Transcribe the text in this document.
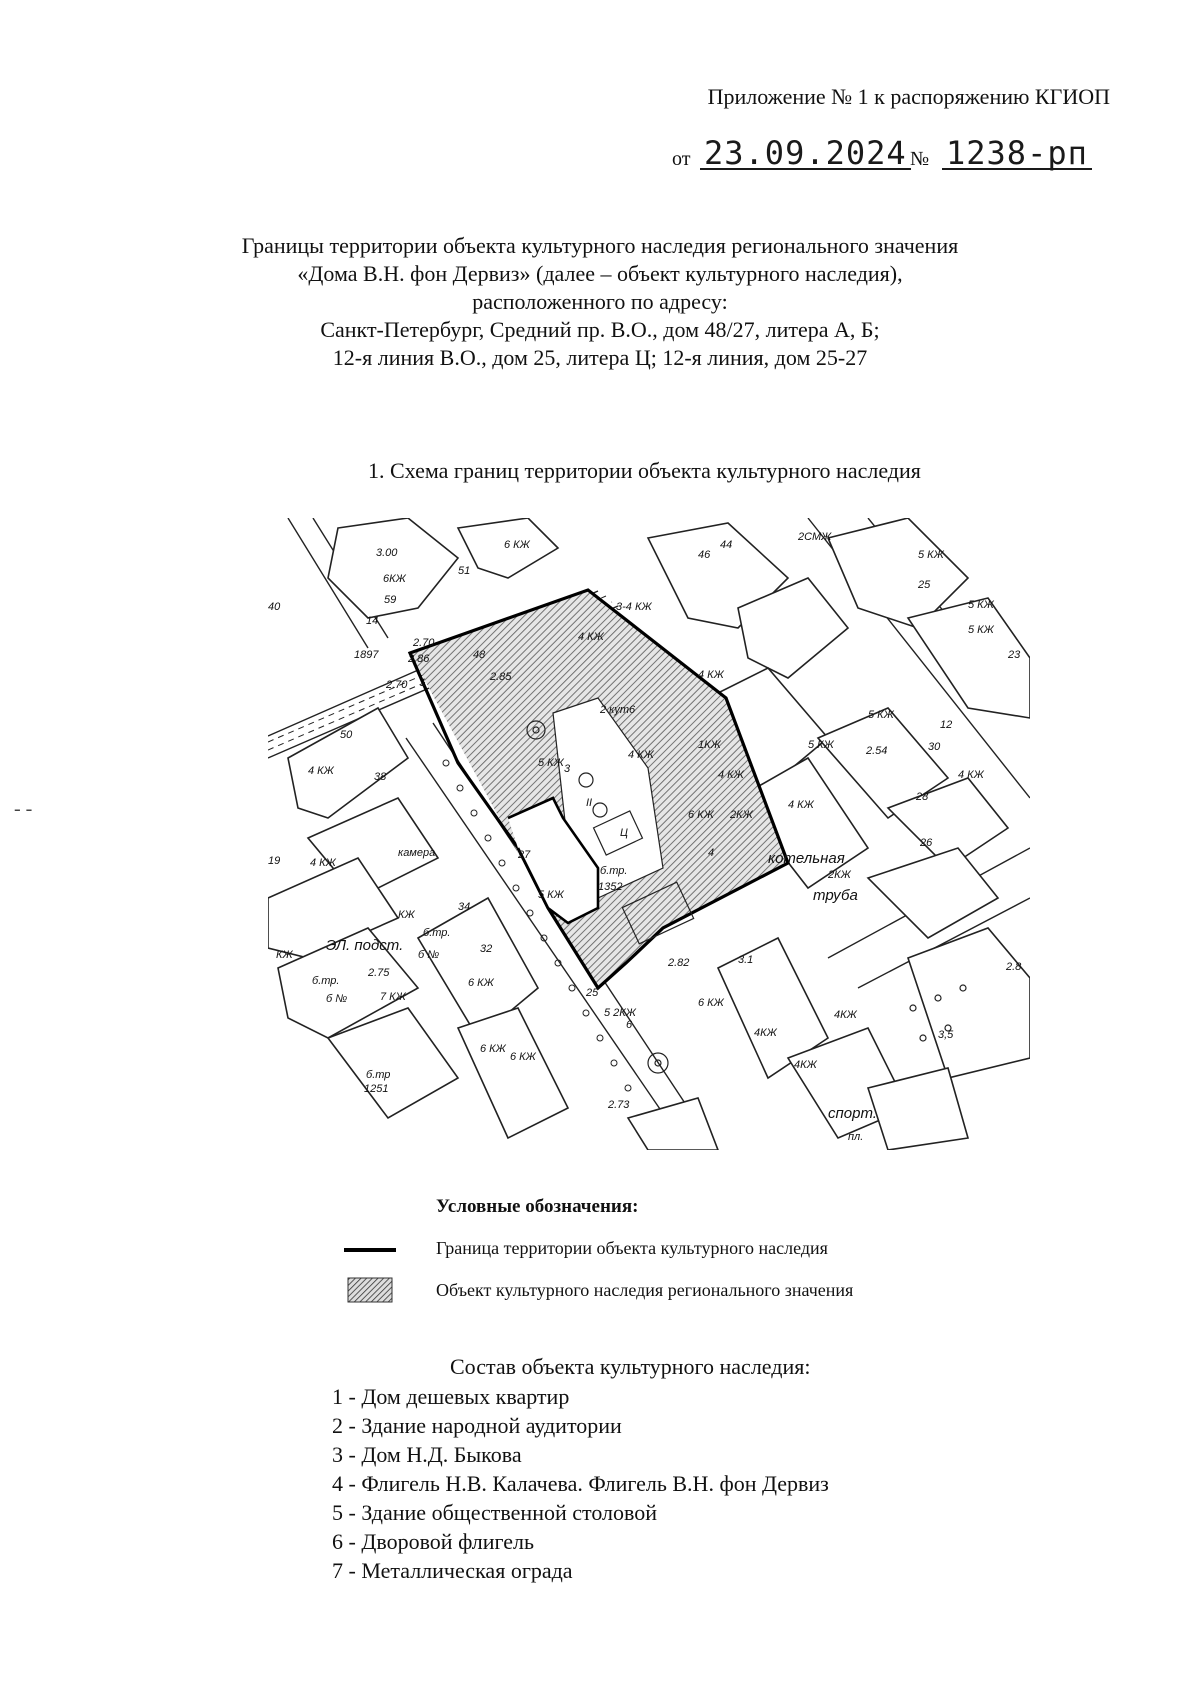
Приложение № 1 к распоряжению КГИОП
от 23.09.2024 № 1238-рп
Границы территории объекта культурного наследия регионального значения
«Дома В.Н. фон Дервиз» (далее – объект культурного наследия),
расположенного по адресу:
Санкт-Петербург, Средний пр. В.О., дом 48/27, литера А, Б;
12-я линия В.О., дом 25, литера Ц; 12-я линия, дом 25-27
1. Схема границ территории объекта культурного наследия
6 КЖ
3.00
51
6КЖ
59
40
1897
2.70
2.86
2.70
46
44
3-4 КЖ
2СМЖ
5 КЖ
25
5 КЖ
5 КЖ
23
48
4 КЖ
2.85
2 кут6
4 КЖ
4 КЖ
1КЖ
4 КЖ
5 КЖ
5 КЖ
2.54
28
1
5 КЖ 3
ІІ
Ц
27
5 КЖ
б.тр.
1352
6 КЖ
4
2КЖ
4 КЖ
котельная
труба
2КЖ
26
50
4 КЖ	38
камера
4 КЖ
КЖ
ЭЛ. подст.
б.тр.
б №
2.75
б.тр.
б №	7 КЖ
6 КЖ
6 КЖ
б.тр
1251
2.82
6 КЖ
5 2КЖ
25
6
4КЖ
4КЖ
4КЖ
2.73	спорт.
пл.
3,5
2.8
3.1
12
30
4 КЖ
6 КЖ
КЖ
19
34
32
14
Условные обозначения:
Граница территории объекта культурного наследия
Объект культурного наследия регионального значения
Состав объекта культурного наследия:
1 - Дом дешевых квартир
2 - Здание народной аудитории
3 - Дом Н.Д. Быкова
4 - Флигель Н.В. Калачева. Флигель В.Н. фон Дервиз
5 - Здание общественной столовой
6 - Дворовой флигель
7 - Металлическая ограда
- -
